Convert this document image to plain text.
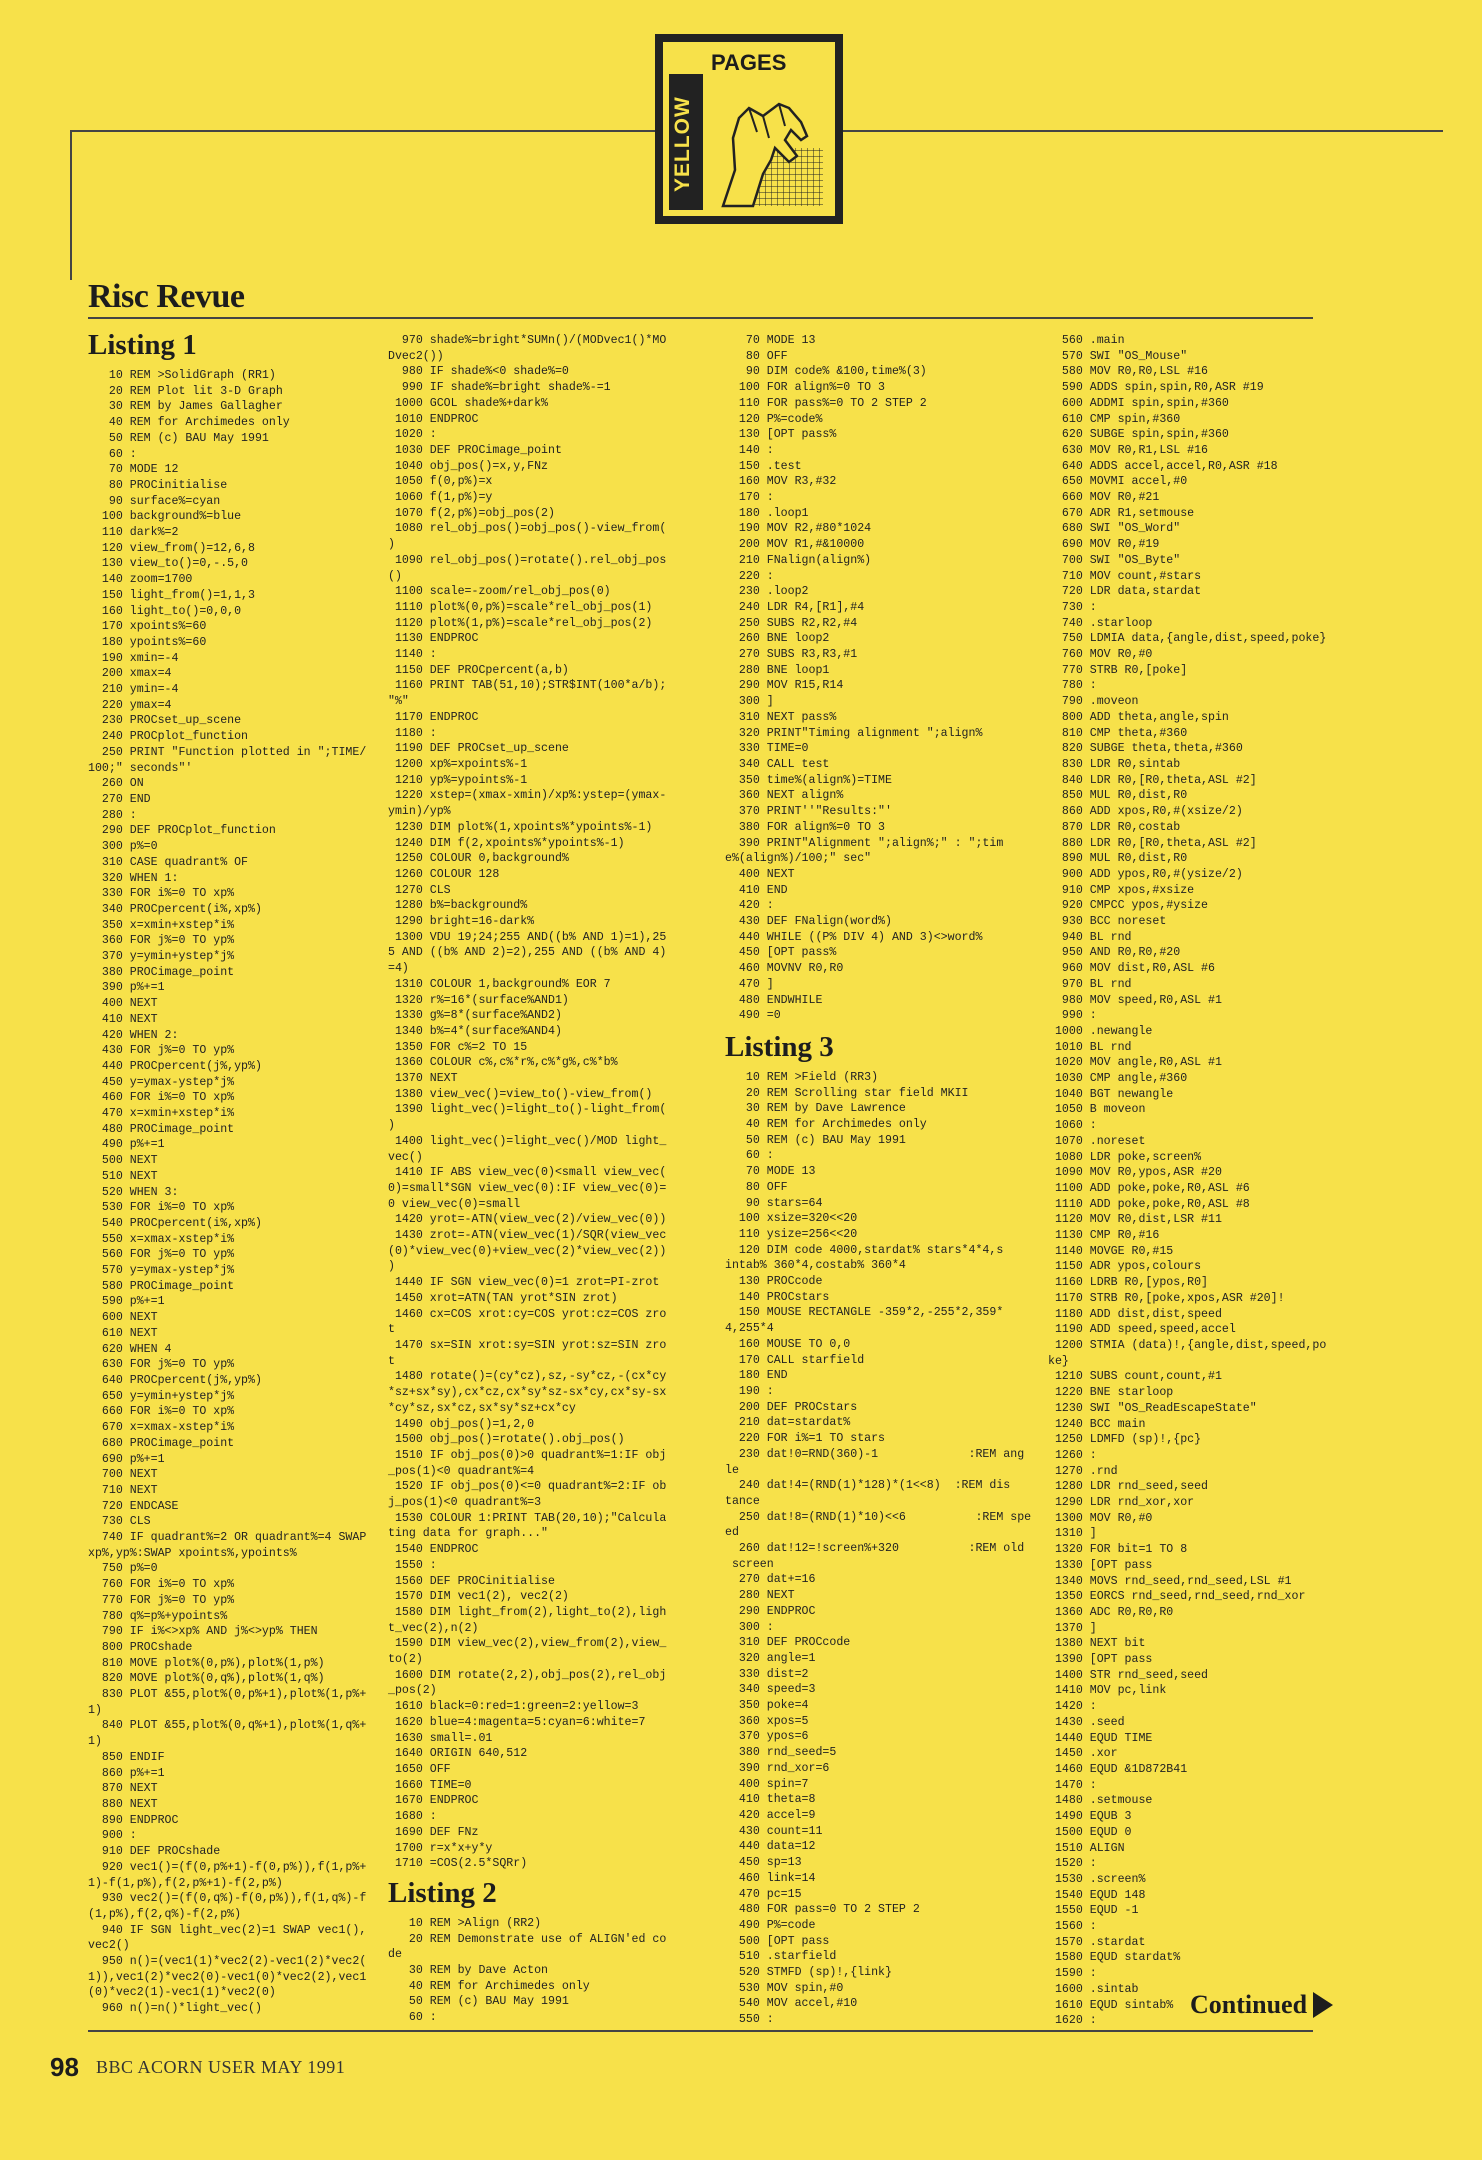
PAGES
YELLOW
Risc Revue
Listing 1
10 REM >SolidGraph (RR1)
20 REM Plot lit 3-D Graph
30 REM by James Gallagher
40 REM for Archimedes only
50 REM (c) BAU May 1991
60 :
70 MODE 12
80 PROCinitialise
90 surface%=cyan
100 background%=blue
110 dark%=2
120 view_from()=12,6,8
130 view_to()=0,-.5,0
140 zoom=1700
150 light_from()=1,1,3
160 light_to()=0,0,0
170 xpoints%=60
180 ypoints%=60
190 xmin=-4
200 xmax=4
210 ymin=-4
220 ymax=4
230 PROCset_up_scene
240 PROCplot_function
250 PRINT "Function plotted in ";TIME/
100;" seconds"'
260 ON
270 END
280 :
290 DEF PROCplot_function
300 p%=0
310 CASE quadrant% OF
320 WHEN 1:
330 FOR i%=0 TO xp%
340 PROCpercent(i%,xp%)
350 x=xmin+xstep*i%
360 FOR j%=0 TO yp%
370 y=ymin+ystep*j%
380 PROCimage_point
390 p%+=1
400 NEXT
410 NEXT
420 WHEN 2:
430 FOR j%=0 TO yp%
440 PROCpercent(j%,yp%)
450 y=ymax-ystep*j%
460 FOR i%=0 TO xp%
470 x=xmin+xstep*i%
480 PROCimage_point
490 p%+=1
500 NEXT
510 NEXT
520 WHEN 3:
530 FOR i%=0 TO xp%
540 PROCpercent(i%,xp%)
550 x=xmax-xstep*i%
560 FOR j%=0 TO yp%
570 y=ymax-ystep*j%
580 PROCimage_point
590 p%+=1
600 NEXT
610 NEXT
620 WHEN 4
630 FOR j%=0 TO yp%
640 PROCpercent(j%,yp%)
650 y=ymin+ystep*j%
660 FOR i%=0 TO xp%
670 x=xmax-xstep*i%
680 PROCimage_point
690 p%+=1
700 NEXT
710 NEXT
720 ENDCASE
730 CLS
740 IF quadrant%=2 OR quadrant%=4 SWAP
xp%,yp%:SWAP xpoints%,ypoints%
750 p%=0
760 FOR i%=0 TO xp%
770 FOR j%=0 TO yp%
780 q%=p%+ypoints%
790 IF i%<>xp% AND j%<>yp% THEN
800 PROCshade
810 MOVE plot%(0,p%),plot%(1,p%)
820 MOVE plot%(0,q%),plot%(1,q%)
830 PLOT &55,plot%(0,p%+1),plot%(1,p%+
1)
840 PLOT &55,plot%(0,q%+1),plot%(1,q%+
1)
850 ENDIF
860 p%+=1
870 NEXT
880 NEXT
890 ENDPROC
900 :
910 DEF PROCshade
920 vec1()=(f(0,p%+1)-f(0,p%)),f(1,p%+
1)-f(1,p%),f(2,p%+1)-f(2,p%)
930 vec2()=(f(0,q%)-f(0,p%)),f(1,q%)-f
(1,p%),f(2,q%)-f(2,p%)
940 IF SGN light_vec(2)=1 SWAP vec1(),
vec2()
950 n()=(vec1(1)*vec2(2)-vec1(2)*vec2(
1)),vec1(2)*vec2(0)-vec1(0)*vec2(2),vec1
(0)*vec2(1)-vec1(1)*vec2(0)
960 n()=n()*light_vec()
970 shade%=bright*SUMn()/(MODvec1()*MO
Dvec2())
980 IF shade%<0 shade%=0
990 IF shade%=bright shade%-=1
1000 GCOL shade%+dark%
1010 ENDPROC
1020 :
1030 DEF PROCimage_point
1040 obj_pos()=x,y,FNz
1050 f(0,p%)=x
1060 f(1,p%)=y
1070 f(2,p%)=obj_pos(2)
1080 rel_obj_pos()=obj_pos()-view_from(
)
1090 rel_obj_pos()=rotate().rel_obj_pos
()
1100 scale=-zoom/rel_obj_pos(0)
1110 plot%(0,p%)=scale*rel_obj_pos(1)
1120 plot%(1,p%)=scale*rel_obj_pos(2)
1130 ENDPROC
1140 :
1150 DEF PROCpercent(a,b)
1160 PRINT TAB(51,10);STR$INT(100*a/b);
"%"
1170 ENDPROC
1180 :
1190 DEF PROCset_up_scene
1200 xp%=xpoints%-1
1210 yp%=ypoints%-1
1220 xstep=(xmax-xmin)/xp%:ystep=(ymax-
ymin)/yp%
1230 DIM plot%(1,xpoints%*ypoints%-1)
1240 DIM f(2,xpoints%*ypoints%-1)
1250 COLOUR 0,background%
1260 COLOUR 128
1270 CLS
1280 b%=background%
1290 bright=16-dark%
1300 VDU 19;24;255 AND((b% AND 1)=1),25
5 AND ((b% AND 2)=2),255 AND ((b% AND 4)
=4)
1310 COLOUR 1,background% EOR 7
1320 r%=16*(surface%AND1)
1330 g%=8*(surface%AND2)
1340 b%=4*(surface%AND4)
1350 FOR c%=2 TO 15
1360 COLOUR c%,c%*r%,c%*g%,c%*b%
1370 NEXT
1380 view_vec()=view_to()-view_from()
1390 light_vec()=light_to()-light_from(
)
1400 light_vec()=light_vec()/MOD light_
vec()
1410 IF ABS view_vec(0)<small view_vec(
0)=small*SGN view_vec(0):IF view_vec(0)=
0 view_vec(0)=small
1420 yrot=-ATN(view_vec(2)/view_vec(0))
1430 zrot=-ATN(view_vec(1)/SQR(view_vec
(0)*view_vec(0)+view_vec(2)*view_vec(2))
)
1440 IF SGN view_vec(0)=1 zrot=PI-zrot
1450 xrot=ATN(TAN yrot*SIN zrot)
1460 cx=COS xrot:cy=COS yrot:cz=COS zro
t
1470 sx=SIN xrot:sy=SIN yrot:sz=SIN zro
t
1480 rotate()=(cy*cz),sz,-sy*cz,-(cx*cy
*sz+sx*sy),cx*cz,cx*sy*sz-sx*cy,cx*sy-sx
*cy*sz,sx*cz,sx*sy*sz+cx*cy
1490 obj_pos()=1,2,0
1500 obj_pos()=rotate().obj_pos()
1510 IF obj_pos(0)>0 quadrant%=1:IF obj
_pos(1)<0 quadrant%=4
1520 IF obj_pos(0)<=0 quadrant%=2:IF ob
j_pos(1)<0 quadrant%=3
1530 COLOUR 1:PRINT TAB(20,10);"Calcula
ting data for graph..."
1540 ENDPROC
1550 :
1560 DEF PROCinitialise
1570 DIM vec1(2), vec2(2)
1580 DIM light_from(2),light_to(2),ligh
t_vec(2),n(2)
1590 DIM view_vec(2),view_from(2),view_
to(2)
1600 DIM rotate(2,2),obj_pos(2),rel_obj
_pos(2)
1610 black=0:red=1:green=2:yellow=3
1620 blue=4:magenta=5:cyan=6:white=7
1630 small=.01
1640 ORIGIN 640,512
1650 OFF
1660 TIME=0
1670 ENDPROC
1680 :
1690 DEF FNz
1700 r=x*x+y*y
1710 =COS(2.5*SQRr)
Listing 2
10 REM >Align (RR2)
20 REM Demonstrate use of ALIGN'ed co
de
30 REM by Dave Acton
40 REM for Archimedes only
50 REM (c) BAU May 1991
60 :
70 MODE 13
80 OFF
90 DIM code% &100,time%(3)
100 FOR align%=0 TO 3
110 FOR pass%=0 TO 2 STEP 2
120 P%=code%
130 [OPT pass%
140 :
150 .test
160 MOV R3,#32
170 :
180 .loop1
190 MOV R2,#80*1024
200 MOV R1,#&10000
210 FNalign(align%)
220 :
230 .loop2
240 LDR R4,[R1],#4
250 SUBS R2,R2,#4
260 BNE loop2
270 SUBS R3,R3,#1
280 BNE loop1
290 MOV R15,R14
300 ]
310 NEXT pass%
320 PRINT"Timing alignment ";align%
330 TIME=0
340 CALL test
350 time%(align%)=TIME
360 NEXT align%
370 PRINT''"Results:"'
380 FOR align%=0 TO 3
390 PRINT"Alignment ";align%;" : ";tim
e%(align%)/100;" sec"
400 NEXT
410 END
420 :
430 DEF FNalign(word%)
440 WHILE ((P% DIV 4) AND 3)<>word%
450 [OPT pass%
460 MOVNV R0,R0
470 ]
480 ENDWHILE
490 =0
Listing 3
10 REM >Field (RR3)
20 REM Scrolling star field MKII
30 REM by Dave Lawrence
40 REM for Archimedes only
50 REM (c) BAU May 1991
60 :
70 MODE 13
80 OFF
90 stars=64
100 xsize=320<<20
110 ysize=256<<20
120 DIM code 4000,stardat% stars*4*4,s
intab% 360*4,costab% 360*4
130 PROCcode
140 PROCstars
150 MOUSE RECTANGLE -359*2,-255*2,359*
4,255*4
160 MOUSE TO 0,0
170 CALL starfield
180 END
190 :
200 DEF PROCstars
210 dat=stardat%
220 FOR i%=1 TO stars
230 dat!0=RND(360)-1             :REM ang
le
240 dat!4=(RND(1)*128)*(1<<8)  :REM dis
tance
250 dat!8=(RND(1)*10)<<6          :REM spe
ed
260 dat!12=!screen%+320          :REM old
screen
270 dat+=16
280 NEXT
290 ENDPROC
300 :
310 DEF PROCcode
320 angle=1
330 dist=2
340 speed=3
350 poke=4
360 xpos=5
370 ypos=6
380 rnd_seed=5
390 rnd_xor=6
400 spin=7
410 theta=8
420 accel=9
430 count=11
440 data=12
450 sp=13
460 link=14
470 pc=15
480 FOR pass=0 TO 2 STEP 2
490 P%=code
500 [OPT pass
510 .starfield
520 STMFD (sp)!,{link}
530 MOV spin,#0
540 MOV accel,#10
550 :
560 .main
570 SWI "OS_Mouse"
580 MOV R0,R0,LSL #16
590 ADDS spin,spin,R0,ASR #19
600 ADDMI spin,spin,#360
610 CMP spin,#360
620 SUBGE spin,spin,#360
630 MOV R0,R1,LSL #16
640 ADDS accel,accel,R0,ASR #18
650 MOVMI accel,#0
660 MOV R0,#21
670 ADR R1,setmouse
680 SWI "OS_Word"
690 MOV R0,#19
700 SWI "OS_Byte"
710 MOV count,#stars
720 LDR data,stardat
730 :
740 .starloop
750 LDMIA data,{angle,dist,speed,poke}
760 MOV R0,#0
770 STRB R0,[poke]
780 :
790 .moveon
800 ADD theta,angle,spin
810 CMP theta,#360
820 SUBGE theta,theta,#360
830 LDR R0,sintab
840 LDR R0,[R0,theta,ASL #2]
850 MUL R0,dist,R0
860 ADD xpos,R0,#(xsize/2)
870 LDR R0,costab
880 LDR R0,[R0,theta,ASL #2]
890 MUL R0,dist,R0
900 ADD ypos,R0,#(ysize/2)
910 CMP xpos,#xsize
920 CMPCC ypos,#ysize
930 BCC noreset
940 BL rnd
950 AND R0,R0,#20
960 MOV dist,R0,ASL #6
970 BL rnd
980 MOV speed,R0,ASL #1
990 :
1000 .newangle
1010 BL rnd
1020 MOV angle,R0,ASL #1
1030 CMP angle,#360
1040 BGT newangle
1050 B moveon
1060 :
1070 .noreset
1080 LDR poke,screen%
1090 MOV R0,ypos,ASR #20
1100 ADD poke,poke,R0,ASL #6
1110 ADD poke,poke,R0,ASL #8
1120 MOV R0,dist,LSR #11
1130 CMP R0,#16
1140 MOVGE R0,#15
1150 ADR ypos,colours
1160 LDRB R0,[ypos,R0]
1170 STRB R0,[poke,xpos,ASR #20]!
1180 ADD dist,dist,speed
1190 ADD speed,speed,accel
1200 STMIA (data)!,{angle,dist,speed,po
ke}
1210 SUBS count,count,#1
1220 BNE starloop
1230 SWI "OS_ReadEscapeState"
1240 BCC main
1250 LDMFD (sp)!,{pc}
1260 :
1270 .rnd
1280 LDR rnd_seed,seed
1290 LDR rnd_xor,xor
1300 MOV R0,#0
1310 ]
1320 FOR bit=1 TO 8
1330 [OPT pass
1340 MOVS rnd_seed,rnd_seed,LSL #1
1350 EORCS rnd_seed,rnd_seed,rnd_xor
1360 ADC R0,R0,R0
1370 ]
1380 NEXT bit
1390 [OPT pass
1400 STR rnd_seed,seed
1410 MOV pc,link
1420 :
1430 .seed
1440 EQUD TIME
1450 .xor
1460 EQUD &1D872B41
1470 :
1480 .setmouse
1490 EQUB 3
1500 EQUD 0
1510 ALIGN
1520 :
1530 .screen%
1540 EQUD 148
1550 EQUD -1
1560 :
1570 .stardat
1580 EQUD stardat%
1590 :
1600 .sintab
1610 EQUD sintab%
1620 :
Continued
98 BBC ACORN USER MAY 1991
